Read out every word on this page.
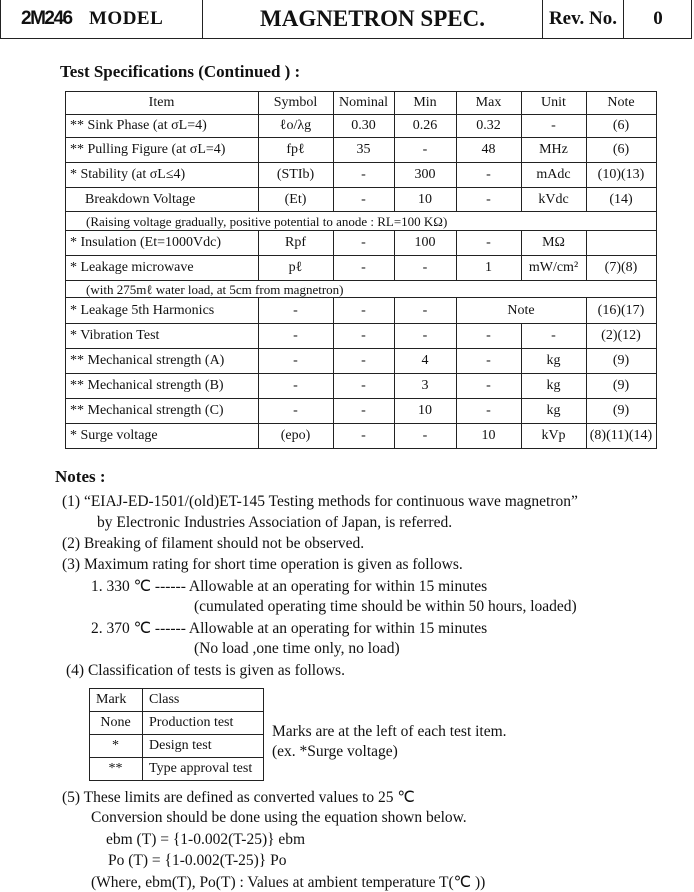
2M246 MODEL	MAGNETRON SPEC.	Rev. No.	0
Test Specifications (Continued ) :
Item	Symbol	Nominal	Min	Max	Unit	Note
** Sink Phase (at σL=4)	ℓo/λg	0.30	0.26	0.32	-	(6)
** Pulling Figure (at σL=4)	fpℓ	35	-	48	MHz	(6)
* Stability (at σL≤4)	(STIb)	-	300	-	mAdc	(10)(13)
Breakdown Voltage	(Et)	-	10	-	kVdc	(14)
(Raising voltage gradually, positive potential to anode : RL=100 KΩ)
* Insulation (Et=1000Vdc)	Rpf	-	100	-	MΩ
* Leakage microwave	pℓ	-	-	1	mW/cm²	(7)(8)
(with 275mℓ water load, at 5cm from magnetron)
* Leakage 5th Harmonics	-	-	-	Note	(16)(17)
* Vibration Test	-	-	-	-	-	(2)(12)
** Mechanical strength (A)	-	-	4	-	kg	(9)
** Mechanical strength (B)	-	-	3	-	kg	(9)
** Mechanical strength (C)	-	-	10	-	kg	(9)
* Surge voltage	(epo)	-	-	10	kVp	(8)(11)(14)
Notes :
(1) “EIAJ-ED-1501/(old)ET-145 Testing methods for continuous wave magnetron”
by Electronic Industries Association of Japan, is referred.
(2) Breaking of filament should not be observed.
(3) Maximum rating for short time operation is given as follows.
1. 330 ℃ ------ Allowable at an operating for within 15 minutes
(cumulated operating time should be within 50 hours, loaded)
2. 370 ℃ ------ Allowable at an operating for within 15 minutes
(No load ,one time only, no load)
(4) Classification of tests is given as follows.
Mark	Class
None	Production test
*	Design test
**	Type approval test
Marks are at the left of each test item.
(ex. *Surge voltage)
(5) These limits are defined as converted values to 25 ℃
Conversion should be done using the equation shown below.
ebm (T) = {1-0.002(T-25)} ebm
Po (T) = {1-0.002(T-25)} Po
(Where, ebm(T), Po(T) : Values at ambient temperature T(℃ ))
